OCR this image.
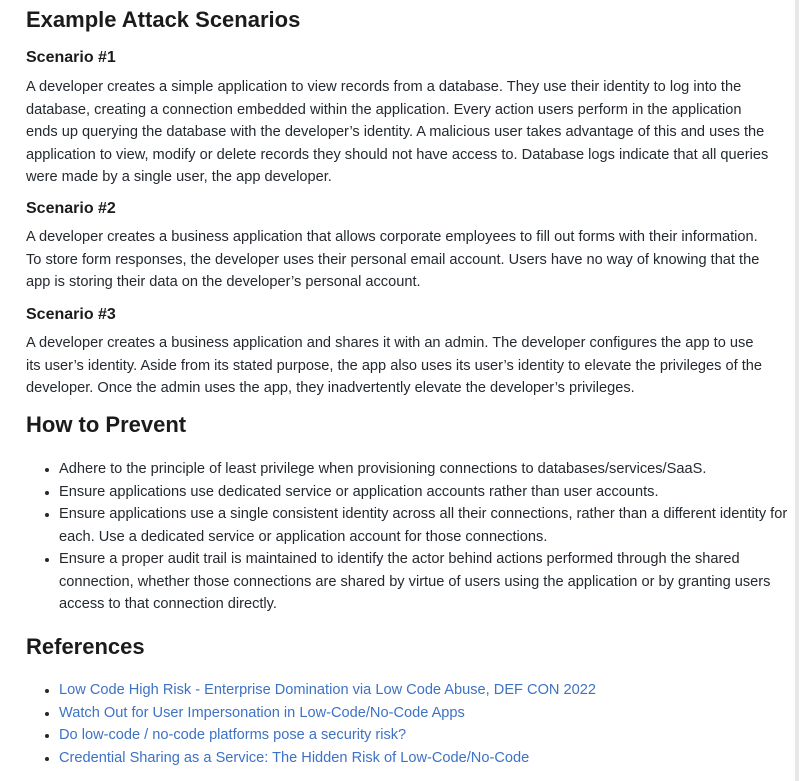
Example Attack Scenarios
Scenario #1

A developer creates a simple application to view records from a database. They use their identity to log into the database, creating a connection embedded within the application. Every action users perform in the application ends up querying the database with the developer’s identity. A malicious user takes advantage of this and uses the application to view, modify or delete records they should not have access to. Database logs indicate that all queries were made by a single user, the app developer.

Scenario #2

A developer creates a business application that allows corporate employees to fill out forms with their information. To store form responses, the developer uses their personal email account. Users have no way of knowing that the app is storing their data on the developer’s personal account.

Scenario #3

A developer creates a business application and shares it with an admin. The developer configures the app to use its user’s identity. Aside from its stated purpose, the app also uses its user’s identity to elevate the privileges of the developer. Once the admin uses the app, they inadvertently elevate the developer’s privileges.

How to Prevent
• Adhere to the principle of least privilege when provisioning connections to databases/services/SaaS.
• Ensure applications use dedicated service or application accounts rather than user accounts.
• Ensure applications use a single consistent identity across all their connections, rather than a different identity for each. Use a dedicated service or application account for those connections.
• Ensure a proper audit trail is maintained to identify the actor behind actions performed through the shared connection, whether those connections are shared by virtue of users using the application or by granting users access to that connection directly.
References
• Low Code High Risk - Enterprise Domination via Low Code Abuse, DEF CON 2022
• Watch Out for User Impersonation in Low-Code/No-Code Apps
• Do low-code / no-code platforms pose a security risk?
• Credential Sharing as a Service: The Hidden Risk of Low-Code/No-Code
